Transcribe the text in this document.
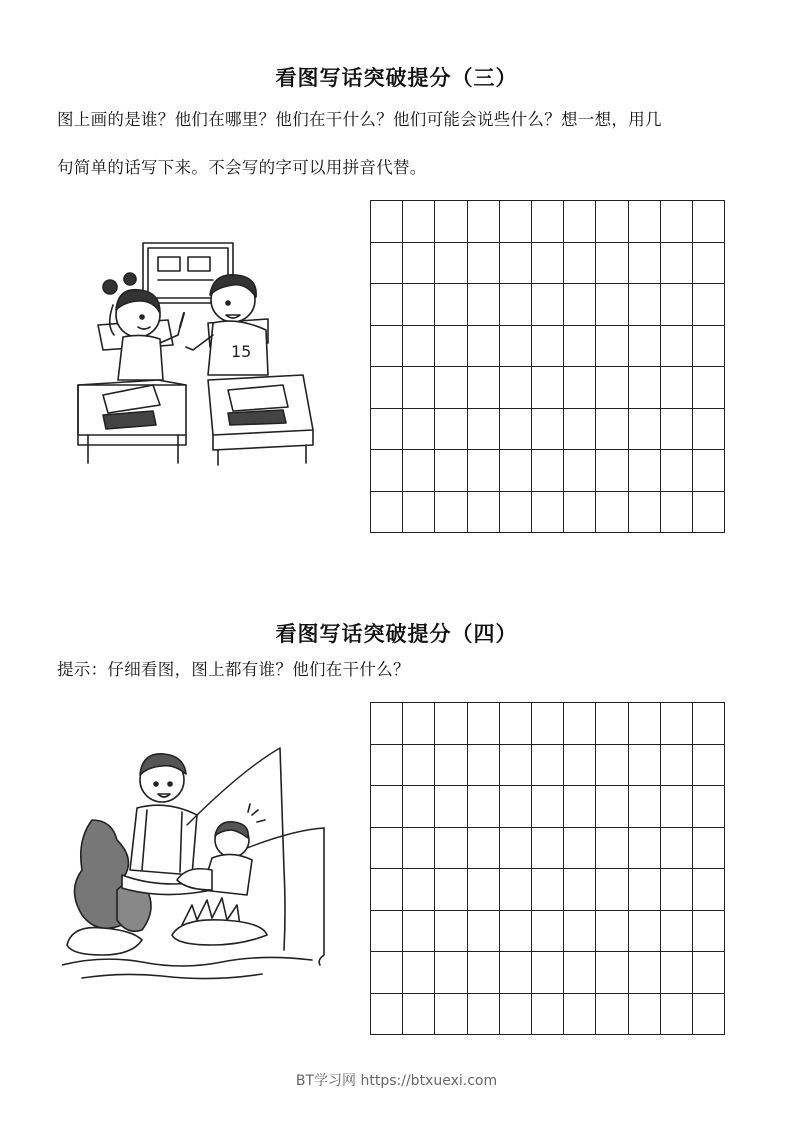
看图写话突破提分（三）
图上画的是谁？他们在哪里？他们在干什么？他们可能会说些什么？想一想，用几
句简单的话写下来。不会写的字可以用拼音代替。
15

看图写话突破提分（四）
提示：仔细看图，图上都有谁？他们在干什么？

BT学习网 https://btxuexi.com
